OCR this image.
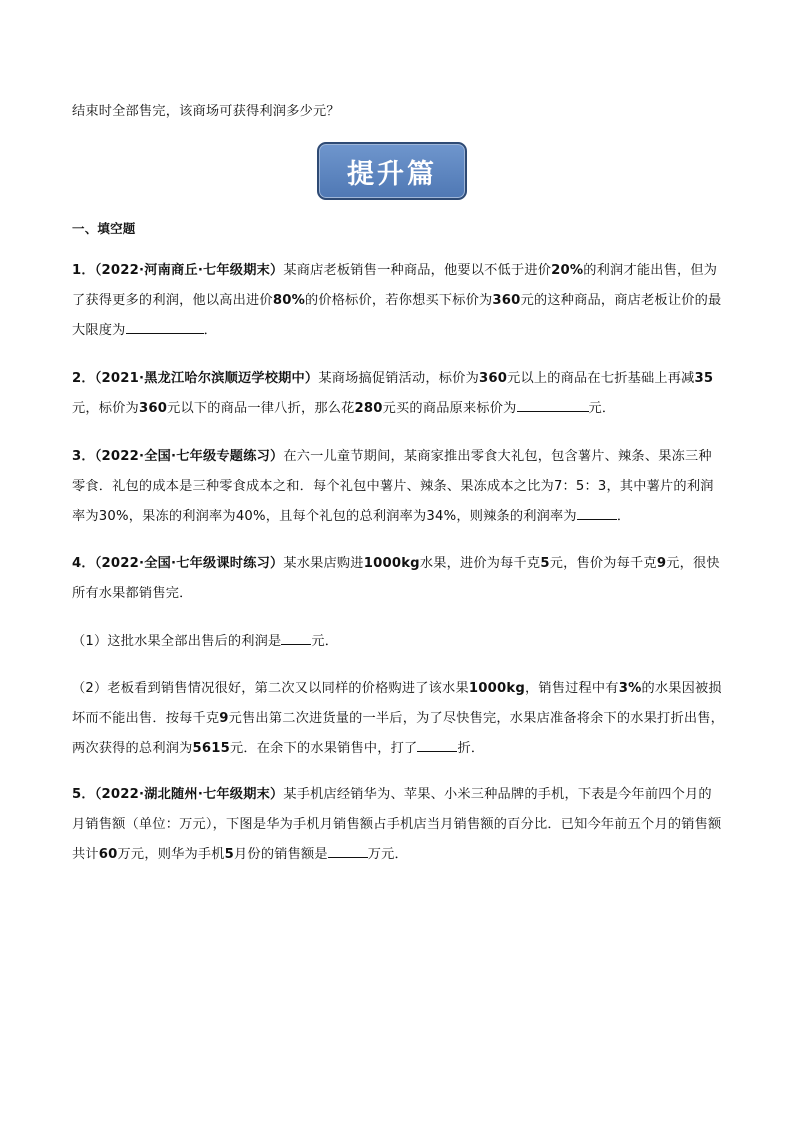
结束时全部售完，该商场可获得利润多少元？

提升篇

一、填空题

1．（2022·河南商丘·七年级期末）某商店老板销售一种商品，他要以不低于进价20%的利润才能出售，但为了获得更多的利润，他以高出进价80%的价格标价，若你想买下标价为360元的这种商品，商店老板让价的最大限度为	．

2．（2021·黑龙江哈尔滨顺迈学校期中）某商场搞促销活动，标价为360元以上的商品在七折基础上再减35元，标价为360元以下的商品一律八折，那么花280元买的商品原来标价为	元．

3．（2022·全国·七年级专题练习）在六一儿童节期间，某商家推出零食大礼包，包含薯片、辣条、果冻三种零食．礼包的成本是三种零食成本之和．每个礼包中薯片、辣条、果冻成本之比为7：5：3，其中薯片的利润率为30%，果冻的利润率为40%，且每个礼包的总利润率为34%，则辣条的利润率为	．

4．（2022·全国·七年级课时练习）某水果店购进1000kg水果，进价为每千克5元，售价为每千克9元，很快所有水果都销售完．

（1）这批水果全部出售后的利润是 元．

（2）老板看到销售情况很好，第二次又以同样的价格购进了该水果1000kg，销售过程中有3%的水果因被损坏而不能出售．按每千克9元售出第二次进货量的一半后，为了尽快售完，水果店准备将余下的水果打折出售，两次获得的总利润为5615元．在余下的水果销售中，打了	折．

5．（2022·湖北随州·七年级期末）某手机店经销华为、苹果、小米三种品牌的手机，下表是今年前四个月的月销售额（单位：万元），下图是华为手机月销售额占手机店当月销售额的百分比．已知今年前五个月的销售额共计60万元，则华为手机5月份的销售额是	万元．
